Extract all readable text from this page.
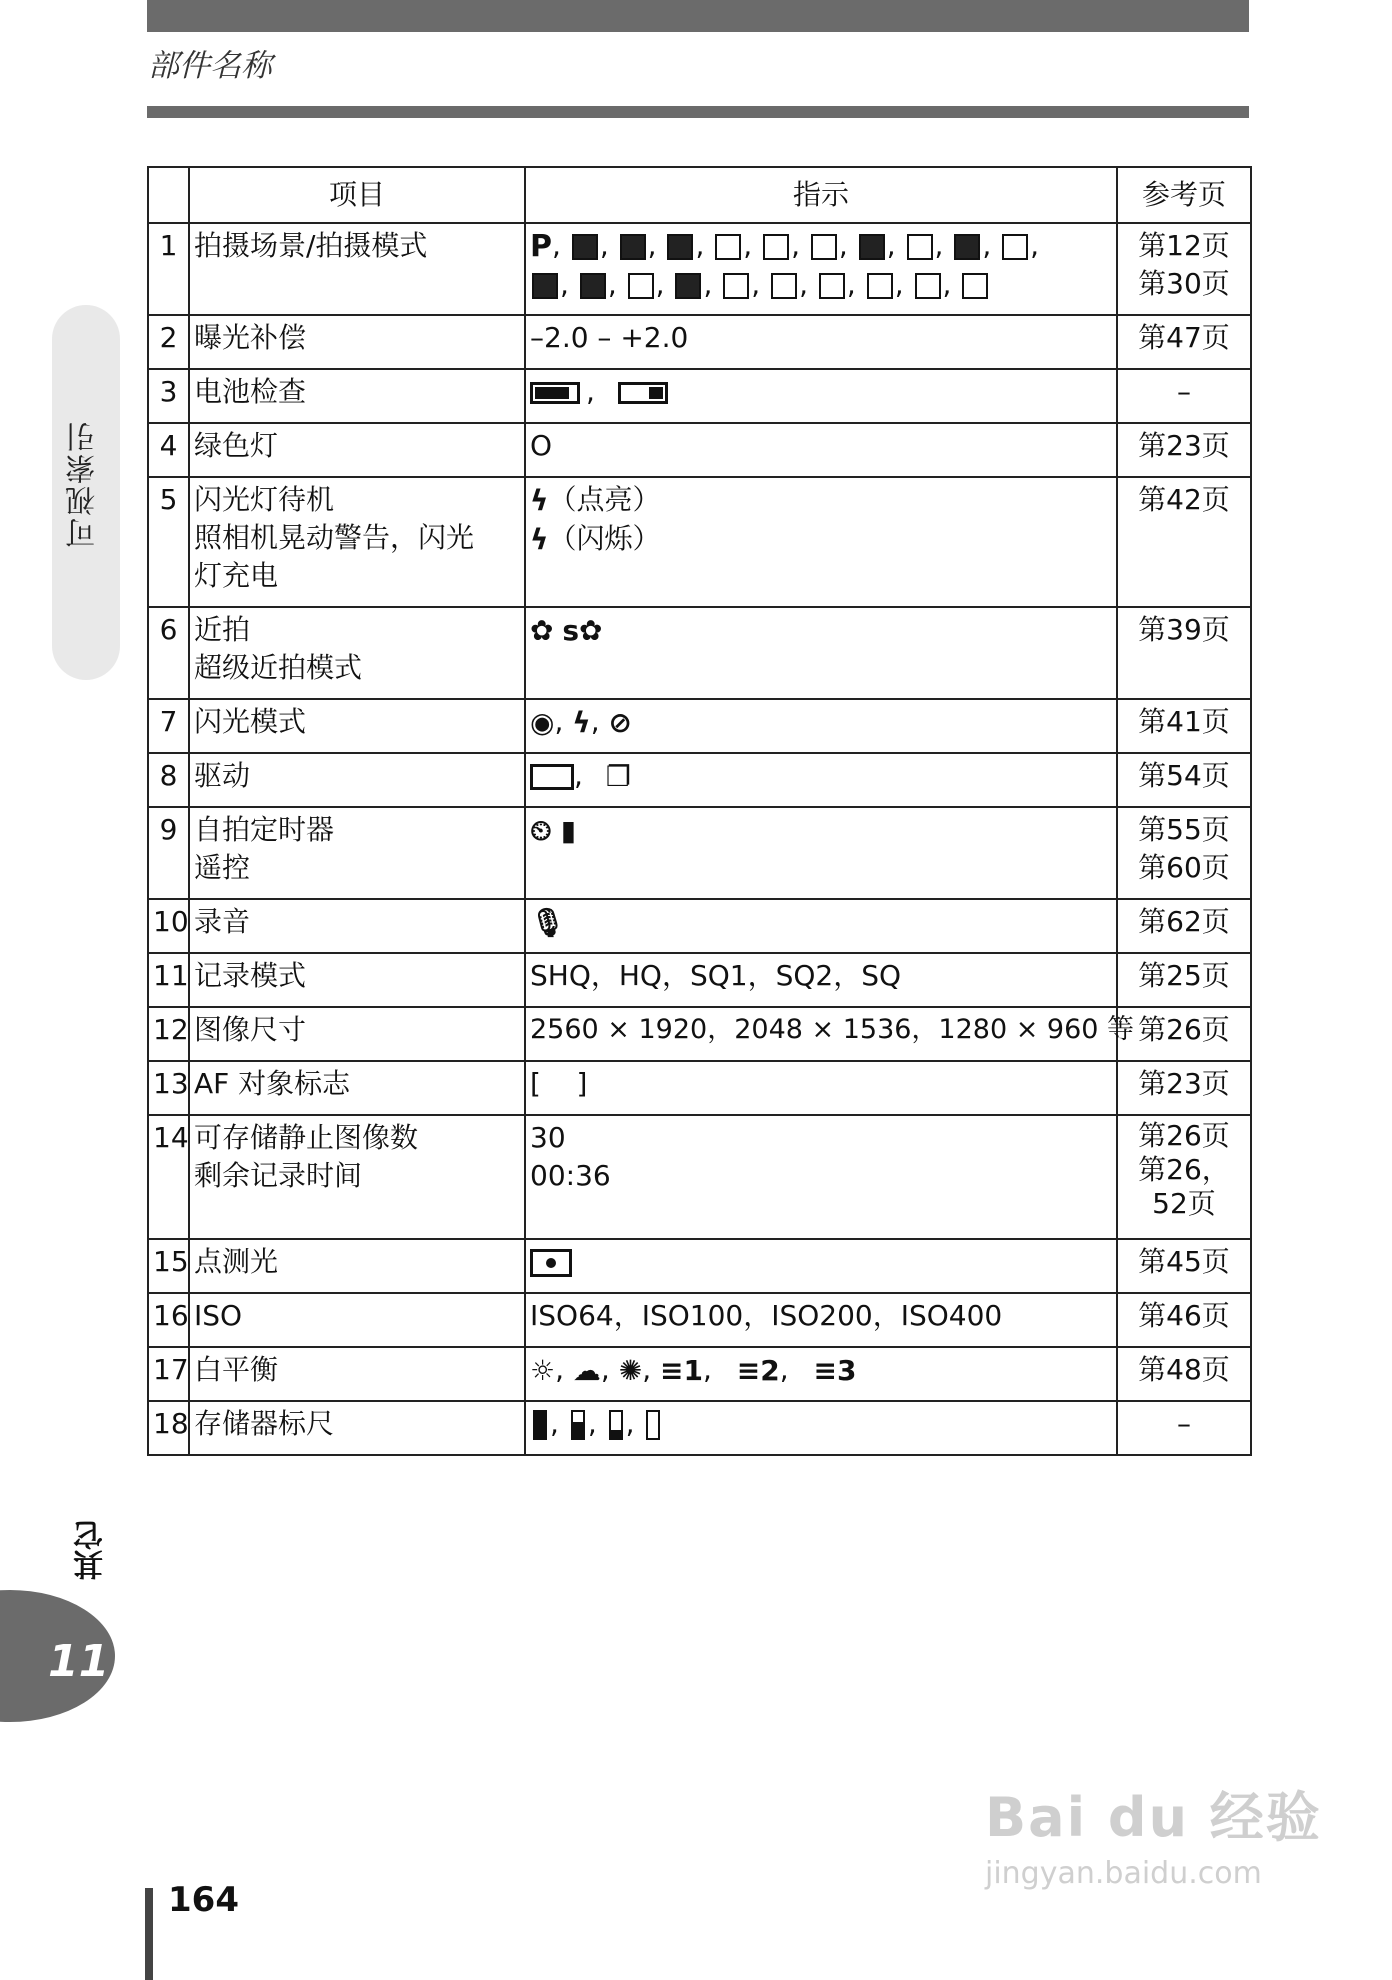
部件名称
可视索引
其它
11
164
Bai du 经验
jingyan.baidu.com
	项目	指示	参考页
1	拍摄场景/拍摄模式	P, , , , , , , , , , ,
, , , , , , , , ,	第12页
第30页

2	曝光补偿	–2.0 – +2.0	第47页
3	电池检查	,	–
4	绿色灯	O	第23页
5	闪光灯待机
照相机晃动警告，闪光
灯充电	ϟ（点亮）
ϟ（闪烁）	第42页
6	近拍
超级近拍模式	✿ s✿	第39页
7	闪光模式	◉, ϟ, ⊘	第41页
8	驱动	, ❐	第54页
9	自拍定时器
遥控	⏲ ▮	第55页
第60页

10	录音	🎙	第62页
11	记录模式	SHQ，HQ，SQ1，SQ2，SQ	第25页
12	图像尺寸	2560 × 1920，2048 × 1536，1280 × 960 等	第26页
13	AF 对象标志	[    ]	第23页
14	可存储静止图像数
剩余记录时间	30
00:36	第26页
第26，
52页

15	点测光		第45页
16	ISO	ISO64，ISO100，ISO200，ISO400	第46页
17	白平衡	☼, ☁, ✺, ≡1, ≡2, ≡3	第48页
18	存储器标尺	,
,
,	–
